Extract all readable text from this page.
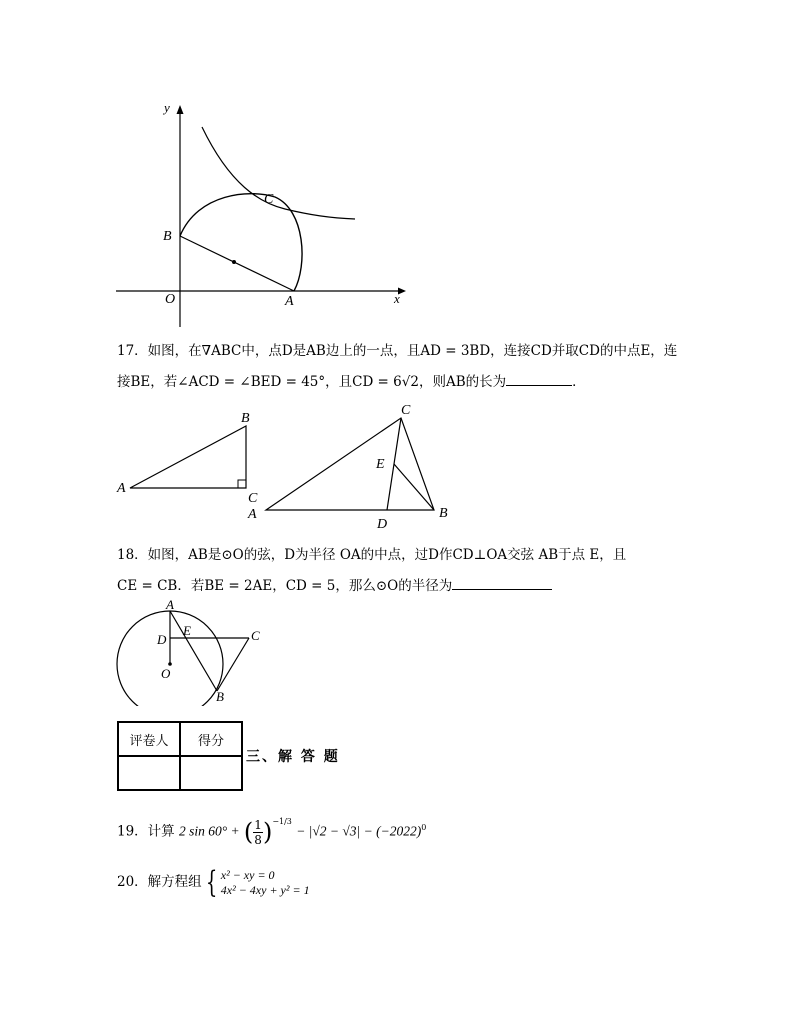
y
x
O	A
B
C
17．如图，在∇ABC中，点D是AB边上的一点，且AD = 3BD，连接CD并取CD的中点E，连
接BE，若∠ACD = ∠BED = 45°，且CD = 6√2，则AB的长为	．
A
B
C
A	B
C
D
E
18．如图，AB是⊙O的弦，D为半径 OA的中点，过D作CD⊥OA交弦 AB于点 E，且
CE = CB．若BE = 2AE，CD = 5，那么⊙O的半径为
A
B
C
D
E
O
评卷人	得分

三、解 答 题
19．计算 2 sin 60° + ( $\frac{1}{8} )^{-1/3} - |√2 - √3| - (-2022)^0$
20．解方程组 { x² − xy = 0
4x² − 4xy + y² = 1
